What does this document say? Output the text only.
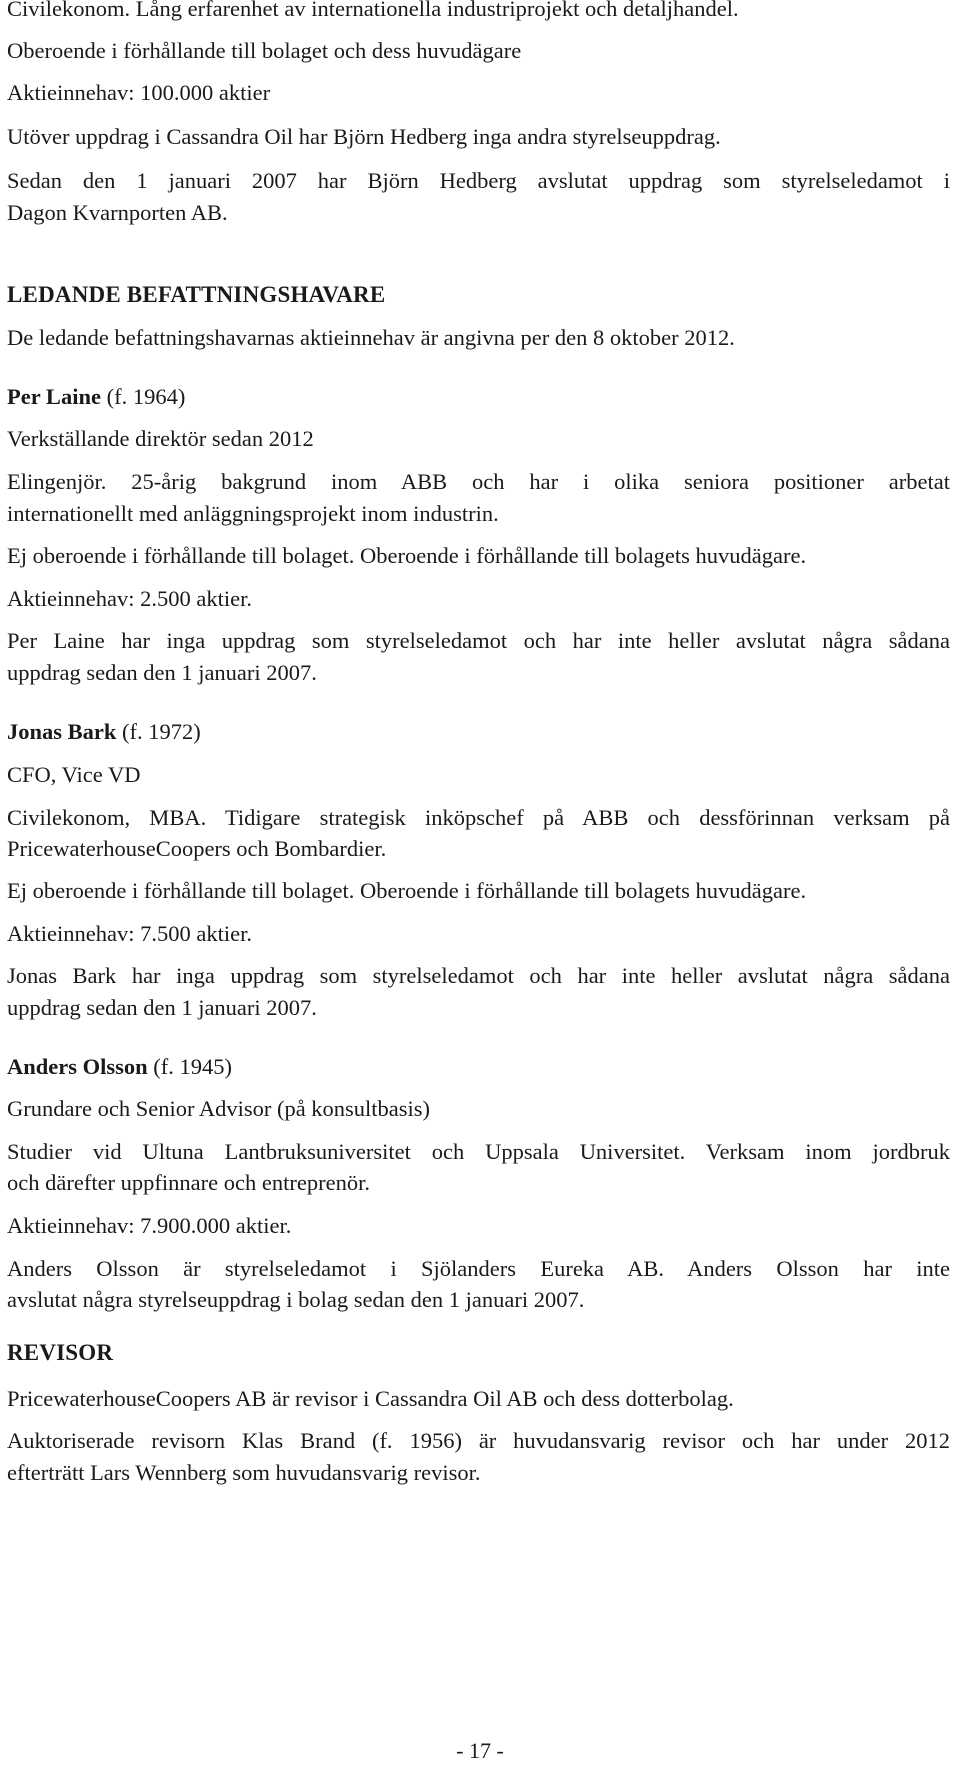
Civilekonom. Lång erfarenhet av internationella industriprojekt och detaljhandel.
Oberoende i förhållande till bolaget och dess huvudägare
Aktieinnehav: 100.000 aktier
Utöver uppdrag i Cassandra Oil har Björn Hedberg inga andra styrelseuppdrag.
Sedan den 1 januari 2007 har Björn Hedberg avslutat uppdrag som styrelseledamot i
Dagon Kvarnporten AB.
LEDANDE BEFATTNINGSHAVARE
De ledande befattningshavarnas aktieinnehav är angivna per den 8 oktober 2012.
Per Laine (f. 1964)
Verkställande direktör sedan 2012
Elingenjör. 25-årig bakgrund inom ABB och har i olika seniora positioner arbetat
internationellt med anläggningsprojekt inom industrin.
Ej oberoende i förhållande till bolaget. Oberoende i förhållande till bolagets huvudägare.
Aktieinnehav: 2.500 aktier.
Per Laine har inga uppdrag som styrelseledamot och har inte heller avslutat några sådana
uppdrag sedan den 1 januari 2007.
Jonas Bark (f. 1972)
CFO, Vice VD
Civilekonom, MBA. Tidigare strategisk inköpschef på ABB och dessförinnan verksam på
PricewaterhouseCoopers och Bombardier.
Ej oberoende i förhållande till bolaget. Oberoende i förhållande till bolagets huvudägare.
Aktieinnehav: 7.500 aktier.
Jonas Bark har inga uppdrag som styrelseledamot och har inte heller avslutat några sådana
uppdrag sedan den 1 januari 2007.
Anders Olsson (f. 1945)
Grundare och Senior Advisor (på konsultbasis)
Studier vid Ultuna Lantbruksuniversitet och Uppsala Universitet. Verksam inom jordbruk
och därefter uppfinnare och entreprenör.
Aktieinnehav: 7.900.000 aktier.
Anders Olsson är styrelseledamot i Sjölanders Eureka AB. Anders Olsson har inte
avslutat några styrelseuppdrag i bolag sedan den 1 januari 2007.
REVISOR
PricewaterhouseCoopers AB är revisor i Cassandra Oil AB och dess dotterbolag.
Auktoriserade revisorn Klas Brand (f. 1956) är huvudansvarig revisor och har under 2012
efterträtt Lars Wennberg som huvudansvarig revisor.
- 17 -
